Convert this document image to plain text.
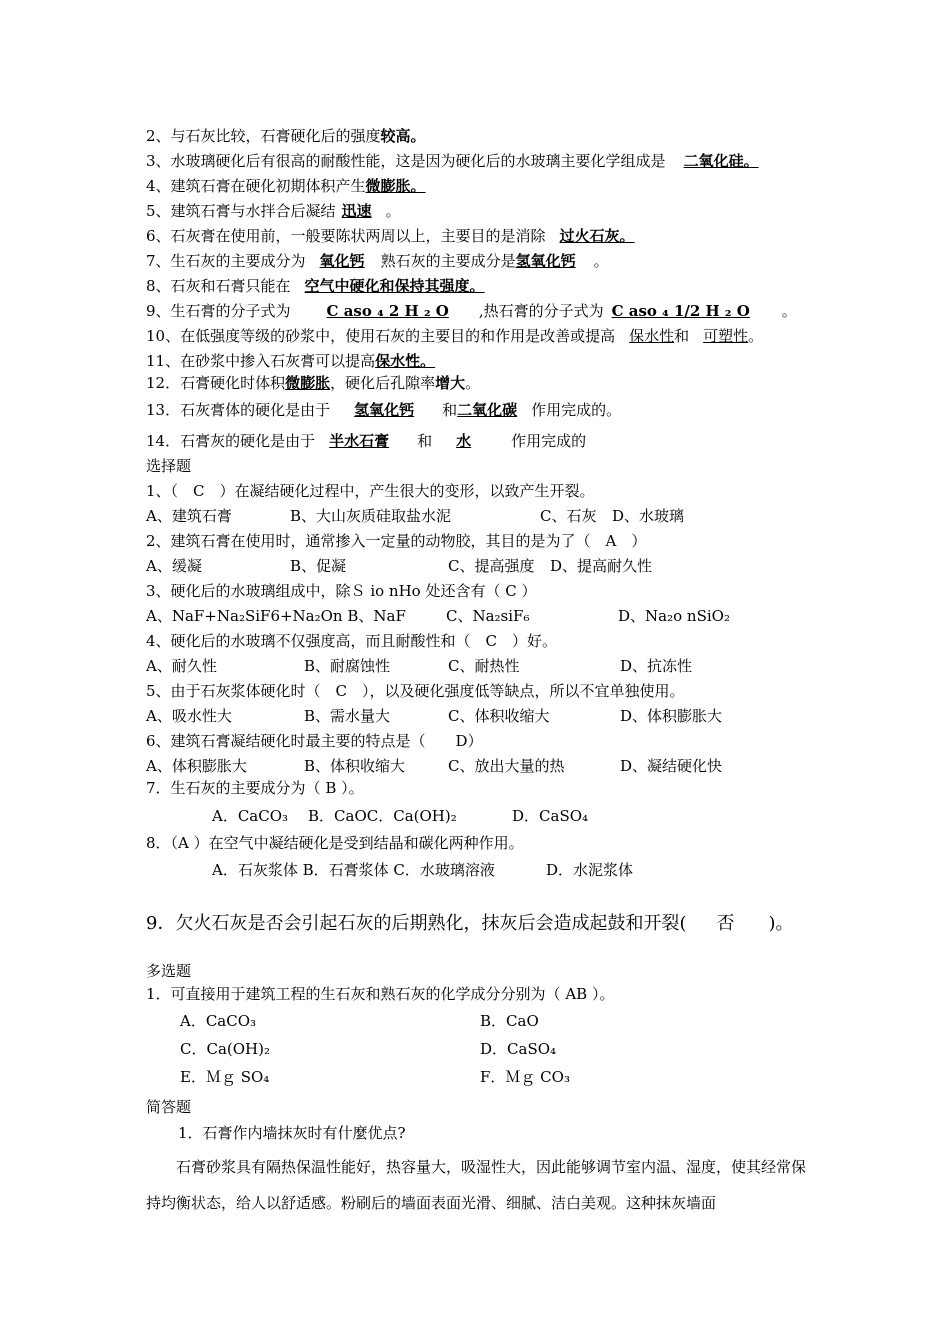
2、与石灰比较，石膏硬化后的强度较高。
3、水玻璃硬化后有很高的耐酸性能，这是因为硬化后的水玻璃主要化学组成是 二氧化硅。
4、建筑石膏在硬化初期体积产生微膨胀。
5、建筑石膏与水拌合后凝结 迅速 。
6、石灰膏在使用前，一般要陈状两周以上，主要目的是消除 过火石灰。
7、生石灰的主要成分为 氧化钙 熟石灰的主要成分是氢氧化钙 。
8、石灰和石膏只能在 空气中硬化和保持其强度。
9、生石膏的分子式为 C aso ₄ 2 H ₂ O ,热石膏的分子式为 C aso ₄ 1/2 H ₂ O 。
10、在低强度等级的砂浆中，使用石灰的主要目的和作用是改善或提高 保水性和 可塑性。
11、在砂浆中掺入石灰膏可以提高保水性。
12．石膏硬化时体积微膨胀，硬化后孔隙率增大。
13．石灰膏体的硬化是由于 氢氧化钙 和二氧化碳 作用完成的。
14．石膏灰的硬化是由于 半水石膏 和 水	作用完成的
选择题
1、（　C　）在凝结硬化过程中，产生很大的变形，以致产生开裂。
A、建筑石膏	B、大山灰质硅取盐水泥	C、石灰 D、水玻璃
2、建筑石膏在使用时，通常掺入一定量的动物胶，其目的是为了（　A　）
A、缓凝	B、促凝	C、提高强度 D、提高耐久性
3、硬化后的水玻璃组成中，除Ｓ io nHo 处还含有（ C ）
A、NaF+Na₂SiF6+Na₂On B、NaF	C、Na₂siF₆	D、Na₂o nSiO₂
4、硬化后的水玻璃不仅强度高，而且耐酸性和（　C　）好。
A、耐久性	B、耐腐蚀性	C、耐热性	D、抗冻性
5、由于石灰浆体硬化时（　C　），以及硬化强度低等缺点，所以不宜单独使用。
A、吸水性大	B、需水量大	C、体积收缩大	D、体积膨胀大
6、建筑石膏凝结硬化时最主要的特点是（　　D）
A、体积膨胀大	B、体积收缩大	C、放出大量的热	D、凝结硬化快
7．生石灰的主要成分为（ B ）。
A．CaCO₃ B．CaOC．Ca(OH)₂	D．CaSO₄
8．（A ）在空气中凝结硬化是受到结晶和碳化两种作用。
A．石灰浆体 B．石膏浆体 C．水玻璃溶液	D．水泥浆体
9．欠火石灰是否会引起石灰的后期熟化，抹灰后会造成起鼓和开裂( 否 )。
多选题
1．可直接用于建筑工程的生石灰和熟石灰的化学成分分别为（ AB ）。
A．CaCO₃	B．CaO
C．Ca(OH)₂	D．CaSO₄
E．Ｍｇ SO₄	F．Ｍｇ CO₃
简答题
1．石膏作内墙抹灰时有什麼优点?
石膏砂浆具有隔热保温性能好，热容量大，吸湿性大，因此能够调节室内温、湿度，使其经常保持均衡状态，给人以舒适感。粉刷后的墙面表面光滑、细腻、洁白美观。这种抹灰墙面
